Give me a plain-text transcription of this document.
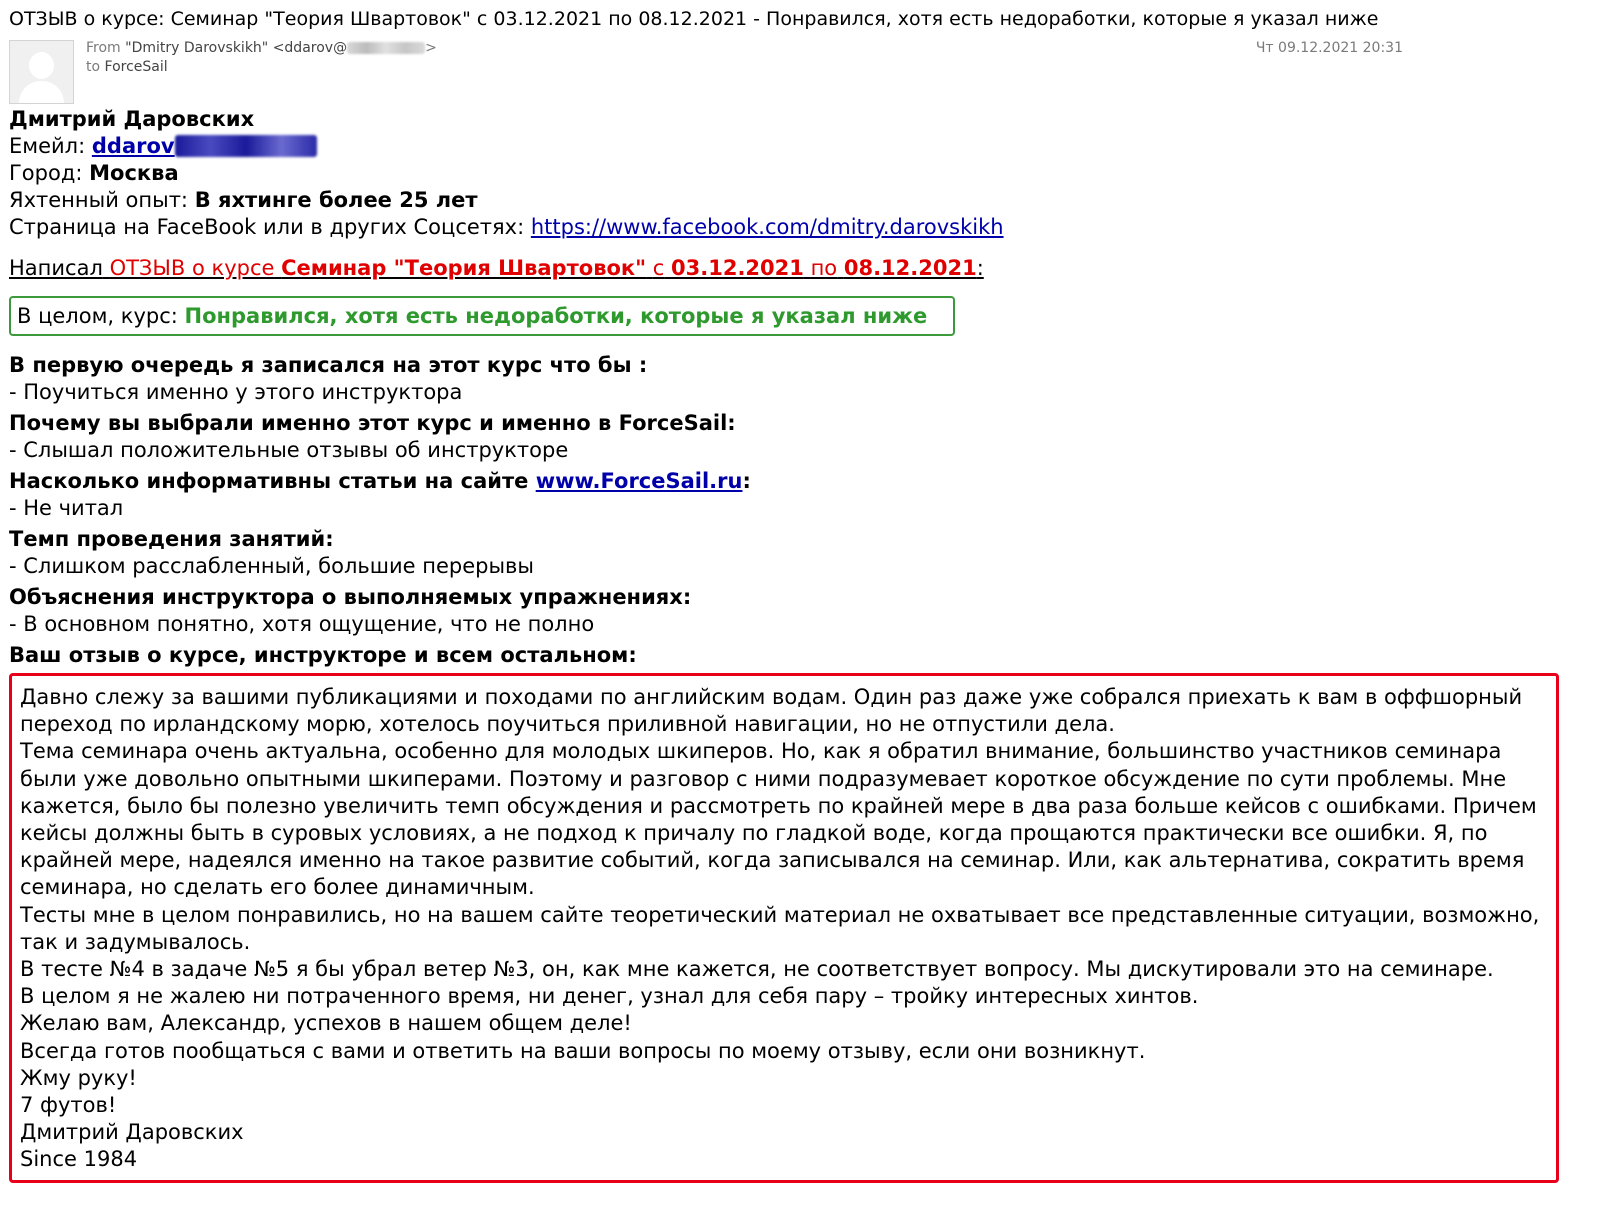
ОТЗЫВ о курсе: Семинар "Теория Швартовок" с 03.12.2021 по 08.12.2021 - Понравился, хотя есть недоработки, которые я указал ниже
From "Dmitry Darovskikh" <ddarov@	>
to ForceSail
Чт 09.12.2021 20:31

Дмитрий Даровских

Емейл: ddarov

Город: Москва

Яхтенный опыт: В яхтинге более 25 лет

Страница на FaceBook или в других Соцсетях: https://www.facebook.com/dmitry.darovskikh

Написал ОТЗЫВ о курсе Семинар "Теория Швартовок" с 03.12.2021 по 08.12.2021:

В целом, курс: Понравился, хотя есть недоработки, которые я указал ниже

В первую очередь я записался на этот курс что бы :

- Поучиться именно у этого инструктора

Почему вы выбрали именно этот курс и именно в ForceSail:

- Слышал положительные отзывы об инструкторе

Насколько информативны статьи на сайте www.ForceSail.ru:

- Не читал

Темп проведения занятий:

- Слишком расслабленный, большие перерывы

Объяснения инструктора о выполняемых упражнениях:

- В основном понятно, хотя ощущение, что не полно

Ваш отзыв о курсе, инструкторе и всем остальном:

Давно слежу за вашими публикациями и походами по английским водам. Один раз даже уже собрался приехать к вам в оффшорный переход по ирландскому морю, хотелось поучиться приливной навигации, но не отпустили дела.

Тема семинара очень актуальна, особенно для молодых шкиперов. Но, как я обратил внимание, большинство участников семинара были уже довольно опытными шкиперами. Поэтому и разговор с ними подразумевает короткое обсуждение по сути проблемы. Мне кажется, было бы полезно увеличить темп обсуждения и рассмотреть по крайней мере в два раза больше кейсов с ошибками. Причем кейсы должны быть в суровых условиях, а не подход к причалу по гладкой воде, когда прощаются практически все ошибки. Я, по крайней мере, надеялся именно на такое развитие событий, когда записывался на семинар. Или, как альтернатива, сократить время семинара, но сделать его более динамичным.

Тесты мне в целом понравились, но на вашем сайте теоретический материал не охватывает все представленные ситуации, возможно, так и задумывалось.

В тесте №4 в задаче №5 я бы убрал ветер №3, он, как мне кажется, не соответствует вопросу. Мы дискутировали это на семинаре.

В целом я не жалею ни потраченного время, ни денег, узнал для себя пару – тройку интересных хинтов.

Желаю вам, Александр, успехов в нашем общем деле!

Всегда готов пообщаться с вами и ответить на ваши вопросы по моему отзыву, если они возникнут.

Жму руку!

7 футов!

Дмитрий Даровских

Since 1984
